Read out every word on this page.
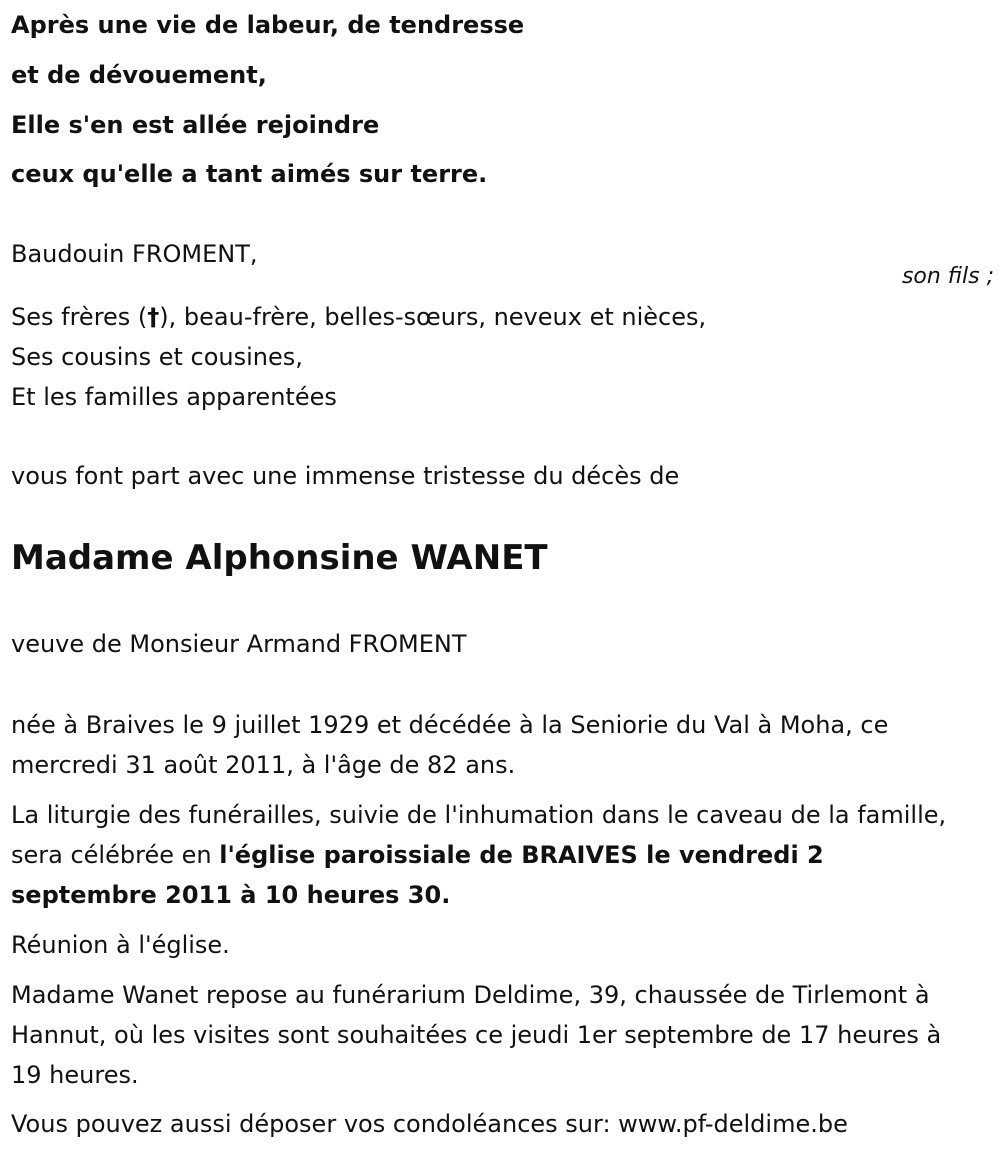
Après une vie de labeur, de tendresse
et de dévouement,
Elle s'en est allée rejoindre
ceux qu'elle a tant aimés sur terre.
Baudouin FROMENT,
son fils ;
Ses frères (†), beau-frère, belles-sœurs, neveux et nièces,
Ses cousins et cousines,
Et les familles apparentées
vous font part avec une immense tristesse du décès de
Madame Alphonsine WANET
veuve de Monsieur Armand FROMENT
née à Braives le 9 juillet 1929 et décédée à la Seniorie du Val à Moha, ce mercredi 31 août 2011, à l'âge de 82 ans.
La liturgie des funérailles, suivie de l'inhumation dans le caveau de la famille, sera célébrée en l'église paroissiale de BRAIVES le vendredi 2 septembre 2011 à 10 heures 30.
Réunion à l'église.
Madame Wanet repose au funérarium Deldime, 39, chaussée de Tirlemont à Hannut, où les visites sont souhaitées ce jeudi 1er septembre de 17 heures à 19 heures.
Vous pouvez aussi déposer vos condoléances sur: www.pf-deldime.be
